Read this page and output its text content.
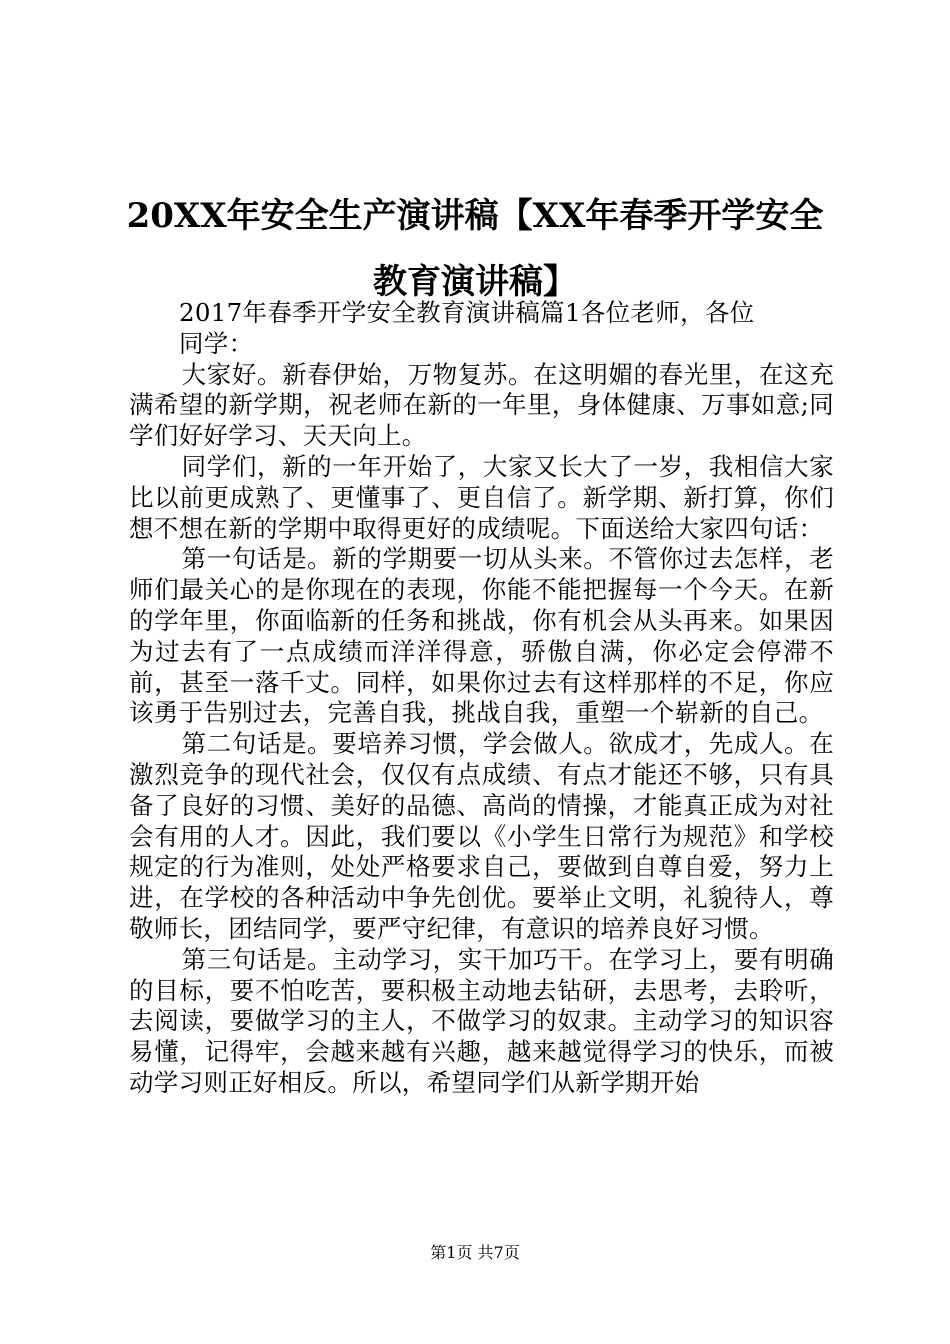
20XX年安全生产演讲稿【XX年春季开学安全
教育演讲稿】

2017年春季开学安全教育演讲稿篇1各位老师，各位同学：

大家好。新春伊始，万物复苏。在这明媚的春光里，在这充满希望的新学期，祝老师在新的一年里，身体健康、万事如意;同学们好好学习、天天向上。

同学们，新的一年开始了，大家又长大了一岁，我相信大家比以前更成熟了、更懂事了、更自信了。新学期、新打算，你们想不想在新的学期中取得更好的成绩呢。下面送给大家四句话：

第一句话是。新的学期要一切从头来。不管你过去怎样，老师们最关心的是你现在的表现，你能不能把握每一个今天。在新的学年里，你面临新的任务和挑战，你有机会从头再来。如果因为过去有了一点成绩而洋洋得意，骄傲自满，你必定会停滞不前，甚至一落千丈。同样，如果你过去有这样那样的不足，你应该勇于告别过去，完善自我，挑战自我，重塑一个崭新的自己。

第二句话是。要培养习惯，学会做人。欲成才，先成人。在激烈竞争的现代社会，仅仅有点成绩、有点才能还不够，只有具备了良好的习惯、美好的品德、高尚的情操，才能真正成为对社会有用的人才。因此，我们要以《小学生日常行为规范》和学校规定的行为准则，处处严格要求自己，要做到自尊自爱，努力上进，在学校的各种活动中争先创优。要举止文明，礼貌待人，尊敬师长，团结同学，要严守纪律，有意识的培养良好习惯。

第三句话是。主动学习，实干加巧干。在学习上，要有明确的目标，要不怕吃苦，要积极主动地去钻研，去思考，去聆听，去阅读，要做学习的主人，不做学习的奴隶。主动学习的知识容易懂，记得牢，会越来越有兴趣，越来越觉得学习的快乐，而被动学习则正好相反。所以，希望同学们从新学期开始

第1页 共7页
